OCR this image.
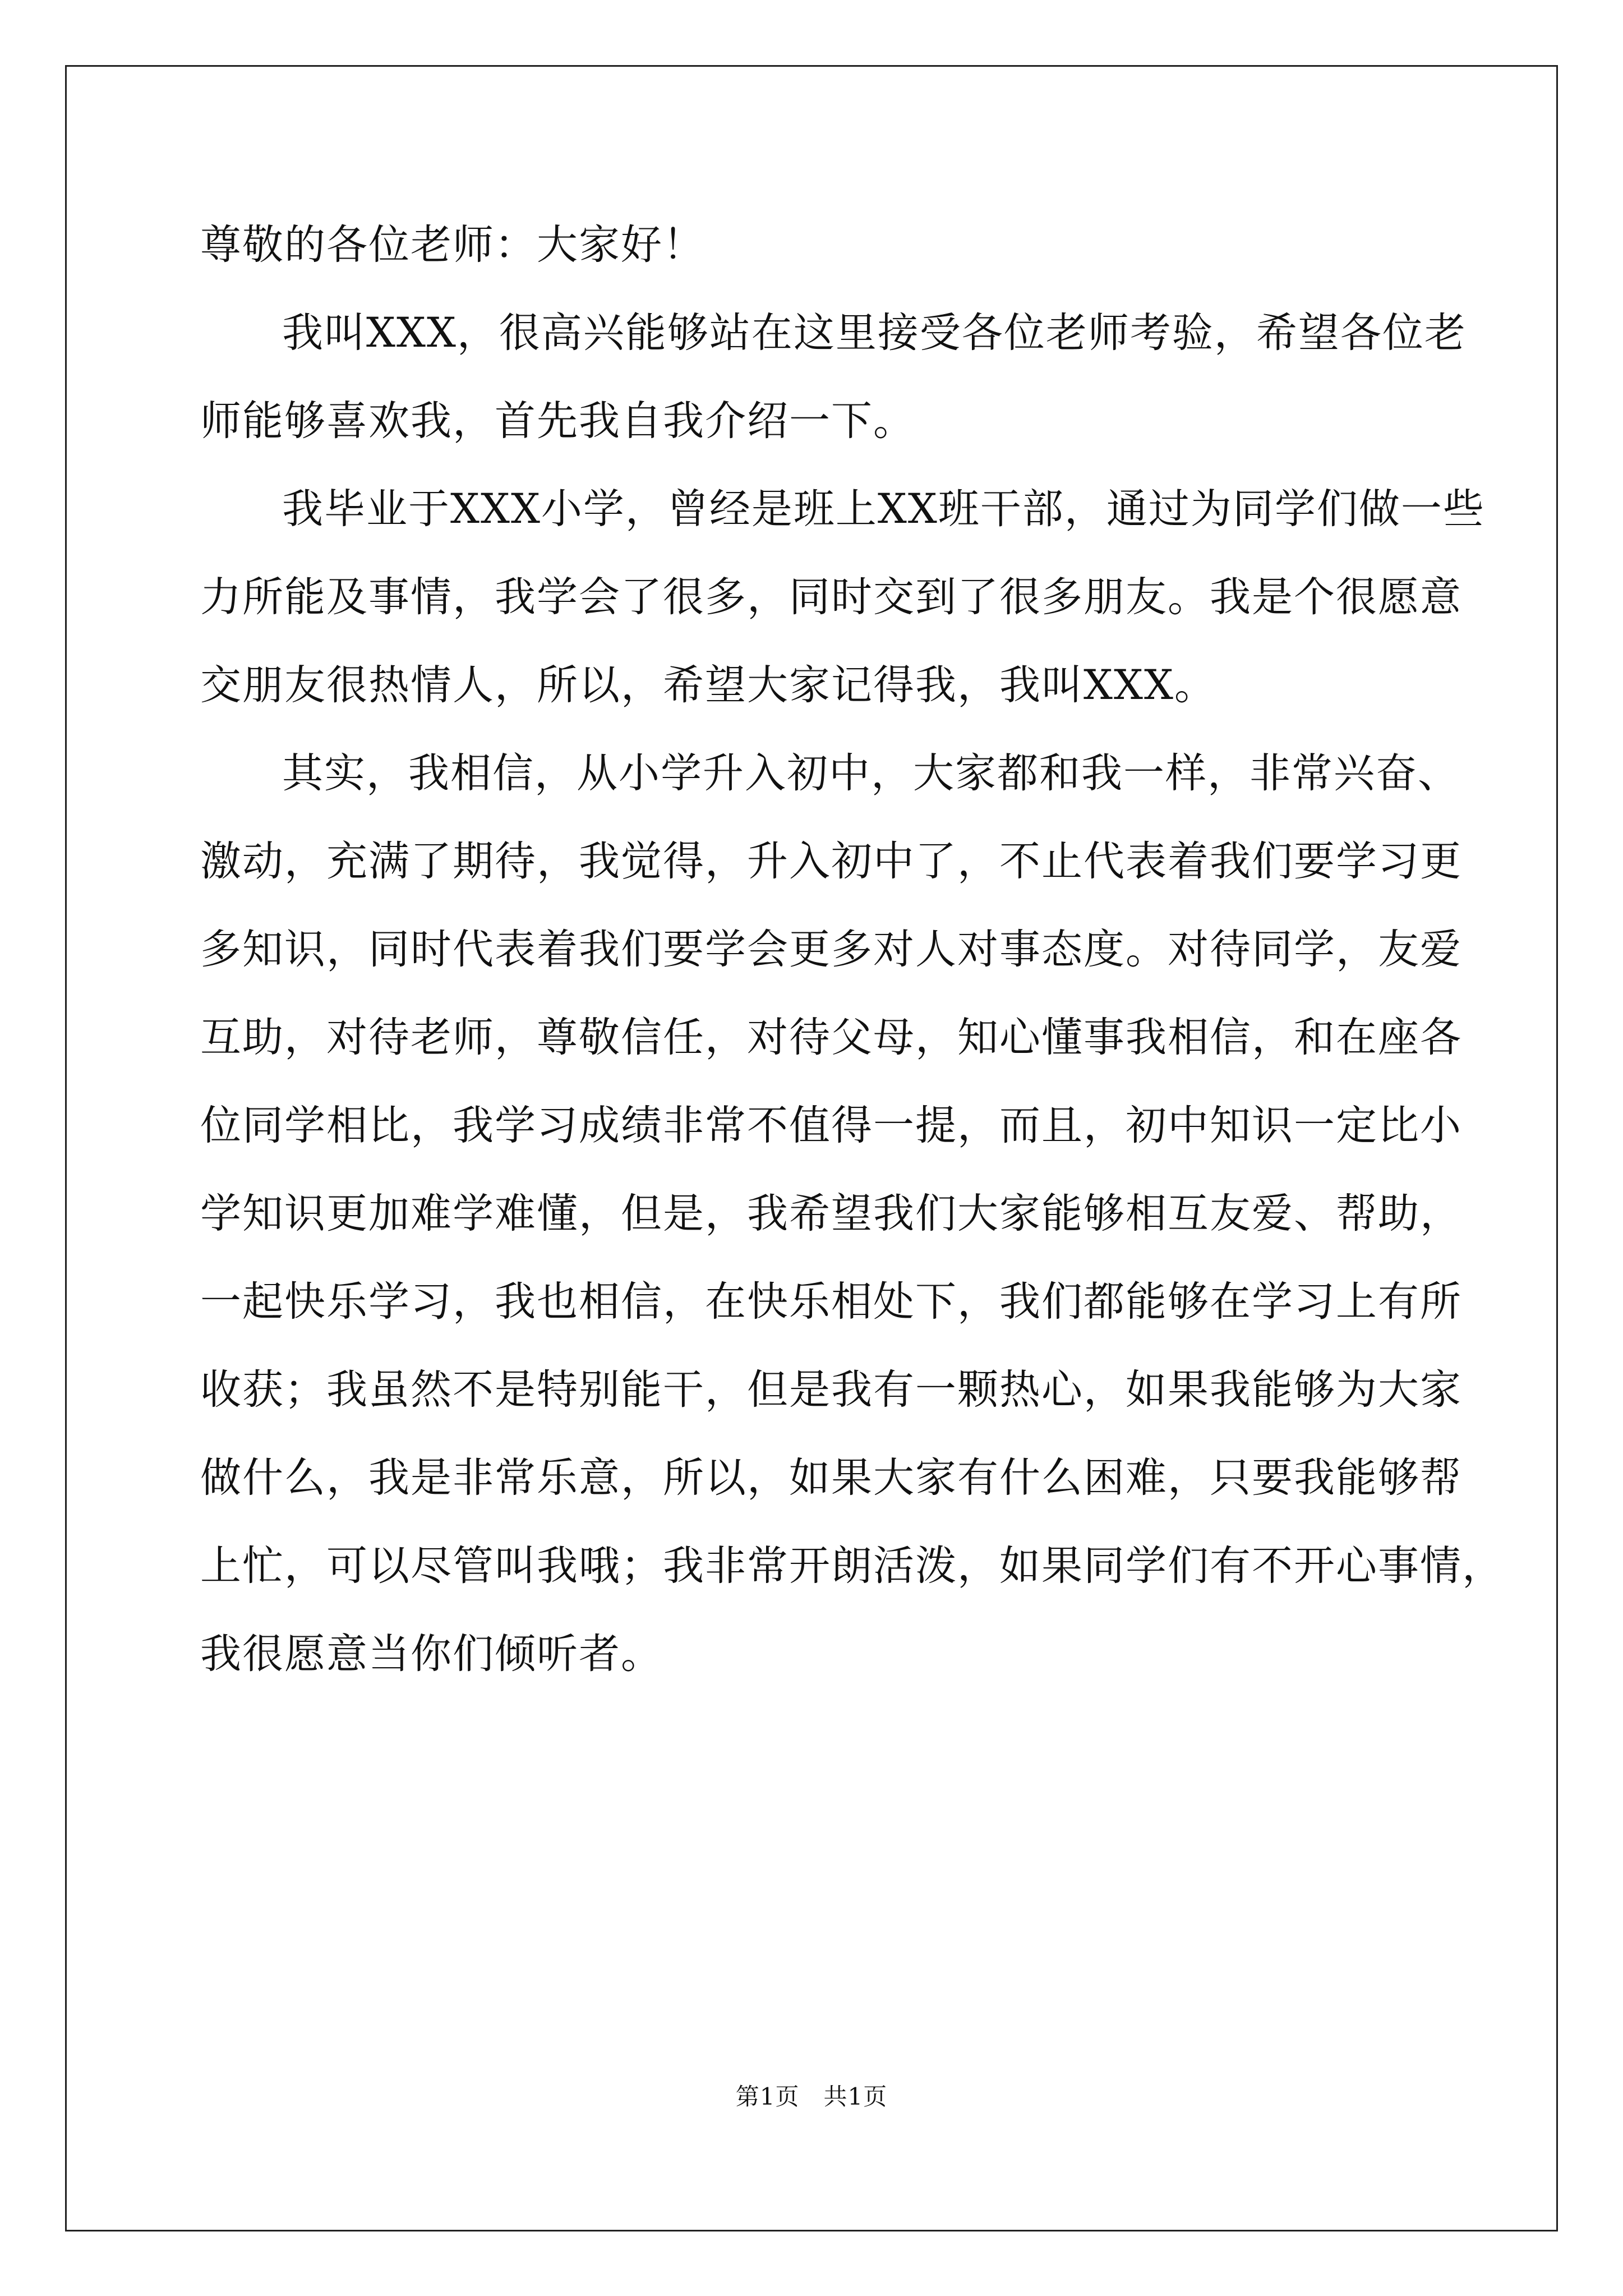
尊敬的各位老师：大家好！
我叫XXX，很高兴能够站在这里接受各位老师考验，希望各位老
师能够喜欢我，首先我自我介绍一下。
我毕业于XXX小学，曾经是班上XX班干部，通过为同学们做一些
力所能及事情，我学会了很多，同时交到了很多朋友。我是个很愿意
交朋友很热情人，所以，希望大家记得我，我叫XXX。
其实，我相信，从小学升入初中，大家都和我一样，非常兴奋、
激动，充满了期待，我觉得，升入初中了，不止代表着我们要学习更
多知识，同时代表着我们要学会更多对人对事态度。对待同学，友爱
互助，对待老师，尊敬信任，对待父母，知心懂事我相信，和在座各
位同学相比，我学习成绩非常不值得一提，而且，初中知识一定比小
学知识更加难学难懂，但是，我希望我们大家能够相互友爱、帮助，
一起快乐学习，我也相信，在快乐相处下，我们都能够在学习上有所
收获；我虽然不是特别能干，但是我有一颗热心，如果我能够为大家
做什么，我是非常乐意，所以，如果大家有什么困难，只要我能够帮
上忙，可以尽管叫我哦；我非常开朗活泼，如果同学们有不开心事情，
我很愿意当你们倾听者。
第1页　共1页
